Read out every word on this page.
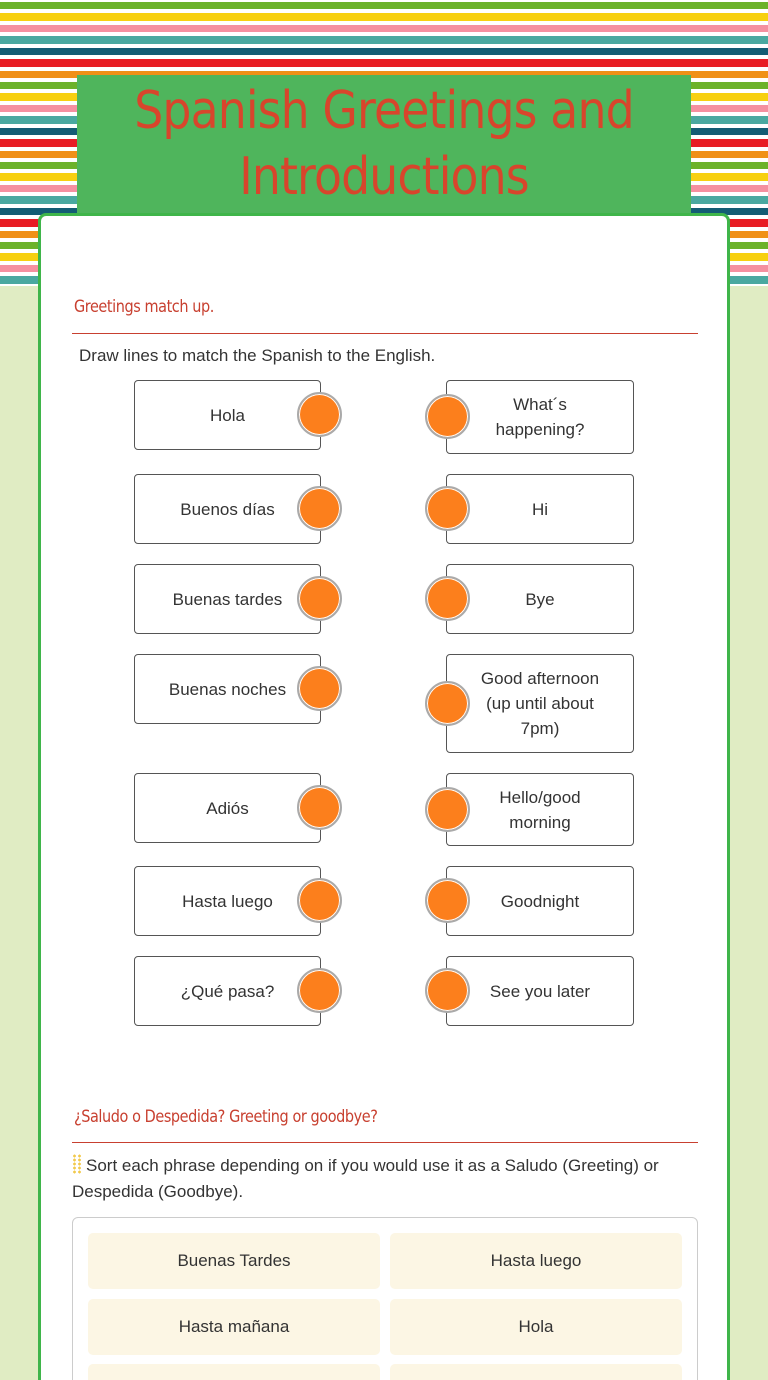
Spanish Greetings and Introductions
Greetings match up.
Draw lines to match the Spanish to the English.
Hola
Buenos días
Buenas tardes
Buenas noches
Adiós
Hasta luego
¿Qué pasa?
What´s happening?
Hi
Bye
Good afternoon (up until about 7pm)
Hello/good morning
Goodnight
See you later
¿Saludo o Despedida? Greeting or goodbye?
Sort each phrase depending on if you would use it as a Saludo (Greeting) or Despedida (Goodbye).
Buenas Tardes	Hasta luego
Hasta mañana	Hola
